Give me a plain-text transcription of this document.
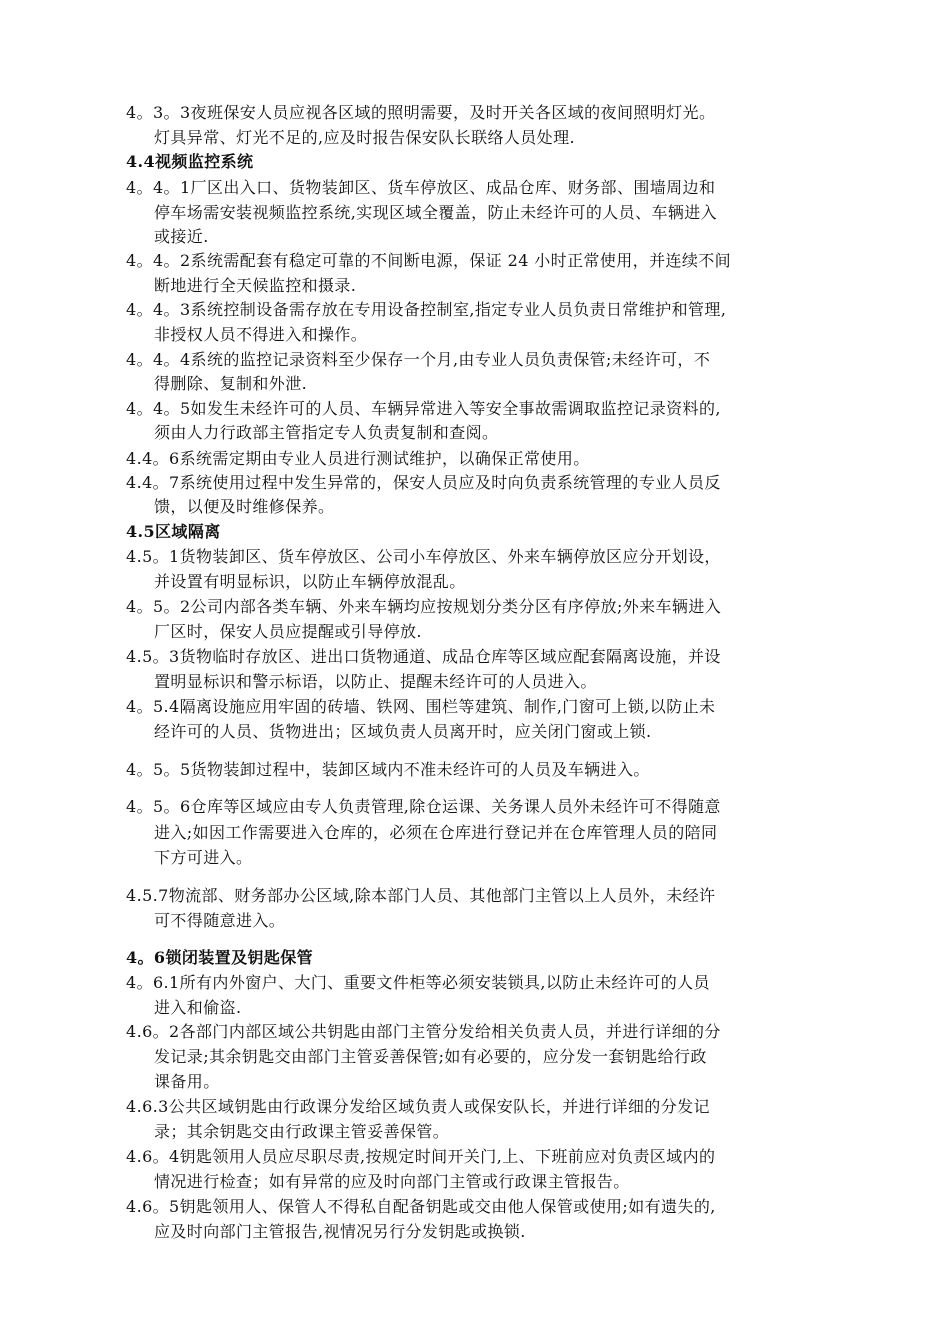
4。3。3夜班保安人员应视各区域的照明需要，及时开关各区域的夜间照明灯光。
灯具异常、灯光不足的,应及时报告保安队长联络人员处理.
4.4视频监控系统
4。4。1厂区出入口、货物装卸区、货车停放区、成品仓库、财务部、围墙周边和
停车场需安装视频监控系统,实现区域全覆盖，防止未经许可的人员、车辆进入
或接近.
4。4。2系统需配套有稳定可靠的不间断电源，保证 24 小时正常使用，并连续不间
断地进行全天候监控和摄录.
4。4。3系统控制设备需存放在专用设备控制室,指定专业人员负责日常维护和管理,
非授权人员不得进入和操作。
4。4。4系统的监控记录资料至少保存一个月,由专业人员负责保管;未经许可，不
得删除、复制和外泄.
4。4。5如发生未经许可的人员、车辆异常进入等安全事故需调取监控记录资料的,
须由人力行政部主管指定专人负责复制和查阅。
4.4。6系统需定期由专业人员进行测试维护，以确保正常使用。
4.4。7系统使用过程中发生异常的，保安人员应及时向负责系统管理的专业人员反
馈，以便及时维修保养。
4.5区域隔离
4.5。1货物装卸区、货车停放区、公司小车停放区、外来车辆停放区应分开划设，
并设置有明显标识，以防止车辆停放混乱。
4。5。2公司内部各类车辆、外来车辆均应按规划分类分区有序停放;外来车辆进入
厂区时，保安人员应提醒或引导停放.
4.5。3货物临时存放区、进出口货物通道、成品仓库等区域应配套隔离设施，并设
置明显标识和警示标语，以防止、提醒未经许可的人员进入。
4。5.4隔离设施应用牢固的砖墙、铁网、围栏等建筑、制作,门窗可上锁,以防止未
经许可的人员、货物进出；区域负责人员离开时，应关闭门窗或上锁.
4。5。5货物装卸过程中，装卸区域内不准未经许可的人员及车辆进入。
4。5。6仓库等区域应由专人负责管理,除仓运课、关务课人员外未经许可不得随意
进入;如因工作需要进入仓库的，必须在仓库进行登记并在仓库管理人员的陪同
下方可进入。
4.5.7物流部、财务部办公区域,除本部门人员、其他部门主管以上人员外，未经许
可不得随意进入。
4。6锁闭装置及钥匙保管
4。6.1所有内外窗户、大门、重要文件柜等必须安装锁具,以防止未经许可的人员
进入和偷盗.
4.6。2各部门内部区域公共钥匙由部门主管分发给相关负责人员，并进行详细的分
发记录;其余钥匙交由部门主管妥善保管;如有必要的，应分发一套钥匙给行政
课备用。
4.6.3公共区域钥匙由行政课分发给区域负责人或保安队长，并进行详细的分发记
录；其余钥匙交由行政课主管妥善保管。
4.6。4钥匙领用人员应尽职尽责,按规定时间开关门,上、下班前应对负责区域内的
情况进行检查；如有异常的应及时向部门主管或行政课主管报告。
4.6。5钥匙领用人、保管人不得私自配备钥匙或交由他人保管或使用;如有遗失的,
应及时向部门主管报告,视情况另行分发钥匙或换锁.
